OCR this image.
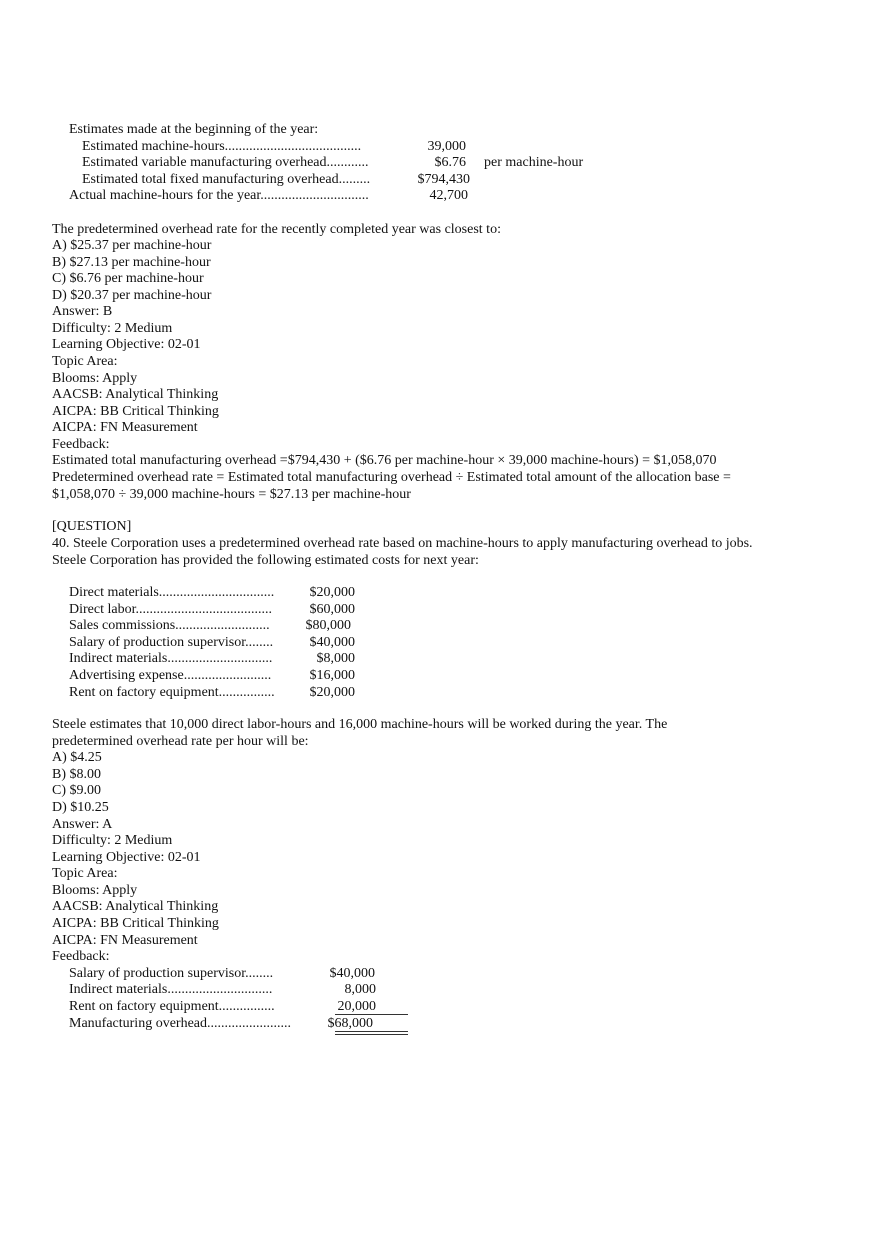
Estimates made at the beginning of the year:
Estimated machine-hours.......................................	39,000
Estimated variable manufacturing overhead............	$6.76 per machine-hour
Estimated total fixed manufacturing overhead.........	$794,430
Actual machine-hours for the year...............................	42,700
The predetermined overhead rate for the recently completed year was closest to:
A) $25.37 per machine-hour
B) $27.13 per machine-hour
C) $6.76 per machine-hour
D) $20.37 per machine-hour
Answer: B
Difficulty: 2 Medium
Learning Objective: 02-01
Topic Area:
Blooms: Apply
AACSB: Analytical Thinking
AICPA: BB Critical Thinking
AICPA: FN Measurement
Feedback:
Estimated total manufacturing overhead =$794,430 + ($6.76 per machine-hour × 39,000 machine-hours) = $1,058,070
Predetermined overhead rate = Estimated total manufacturing overhead ÷ Estimated total amount of the allocation base = $1,058,070 ÷ 39,000 machine-hours = $27.13 per machine-hour
[QUESTION]
40. Steele Corporation uses a predetermined overhead rate based on machine-hours to apply manufacturing overhead to jobs. Steele Corporation has provided the following estimated costs for next year:
Direct materials.................................	$20,000
Direct labor.......................................	$60,000
Sales commissions...........................	$80,000
Salary of production supervisor........	$40,000
Indirect materials..............................	$8,000
Advertising expense.........................	$16,000
Rent on factory equipment................	$20,000
Steele estimates that 10,000 direct labor-hours and 16,000 machine-hours will be worked during the year. The predetermined overhead rate per hour will be:
A) $4.25
B) $8.00
C) $9.00
D) $10.25
Answer: A
Difficulty: 2 Medium
Learning Objective: 02-01
Topic Area:
Blooms: Apply
AACSB: Analytical Thinking
AICPA: BB Critical Thinking
AICPA: FN Measurement
Feedback:
Salary of production supervisor........	$40,000
Indirect materials..............................	8,000
Rent on factory equipment................	20,000
Manufacturing overhead........................	$68,000
